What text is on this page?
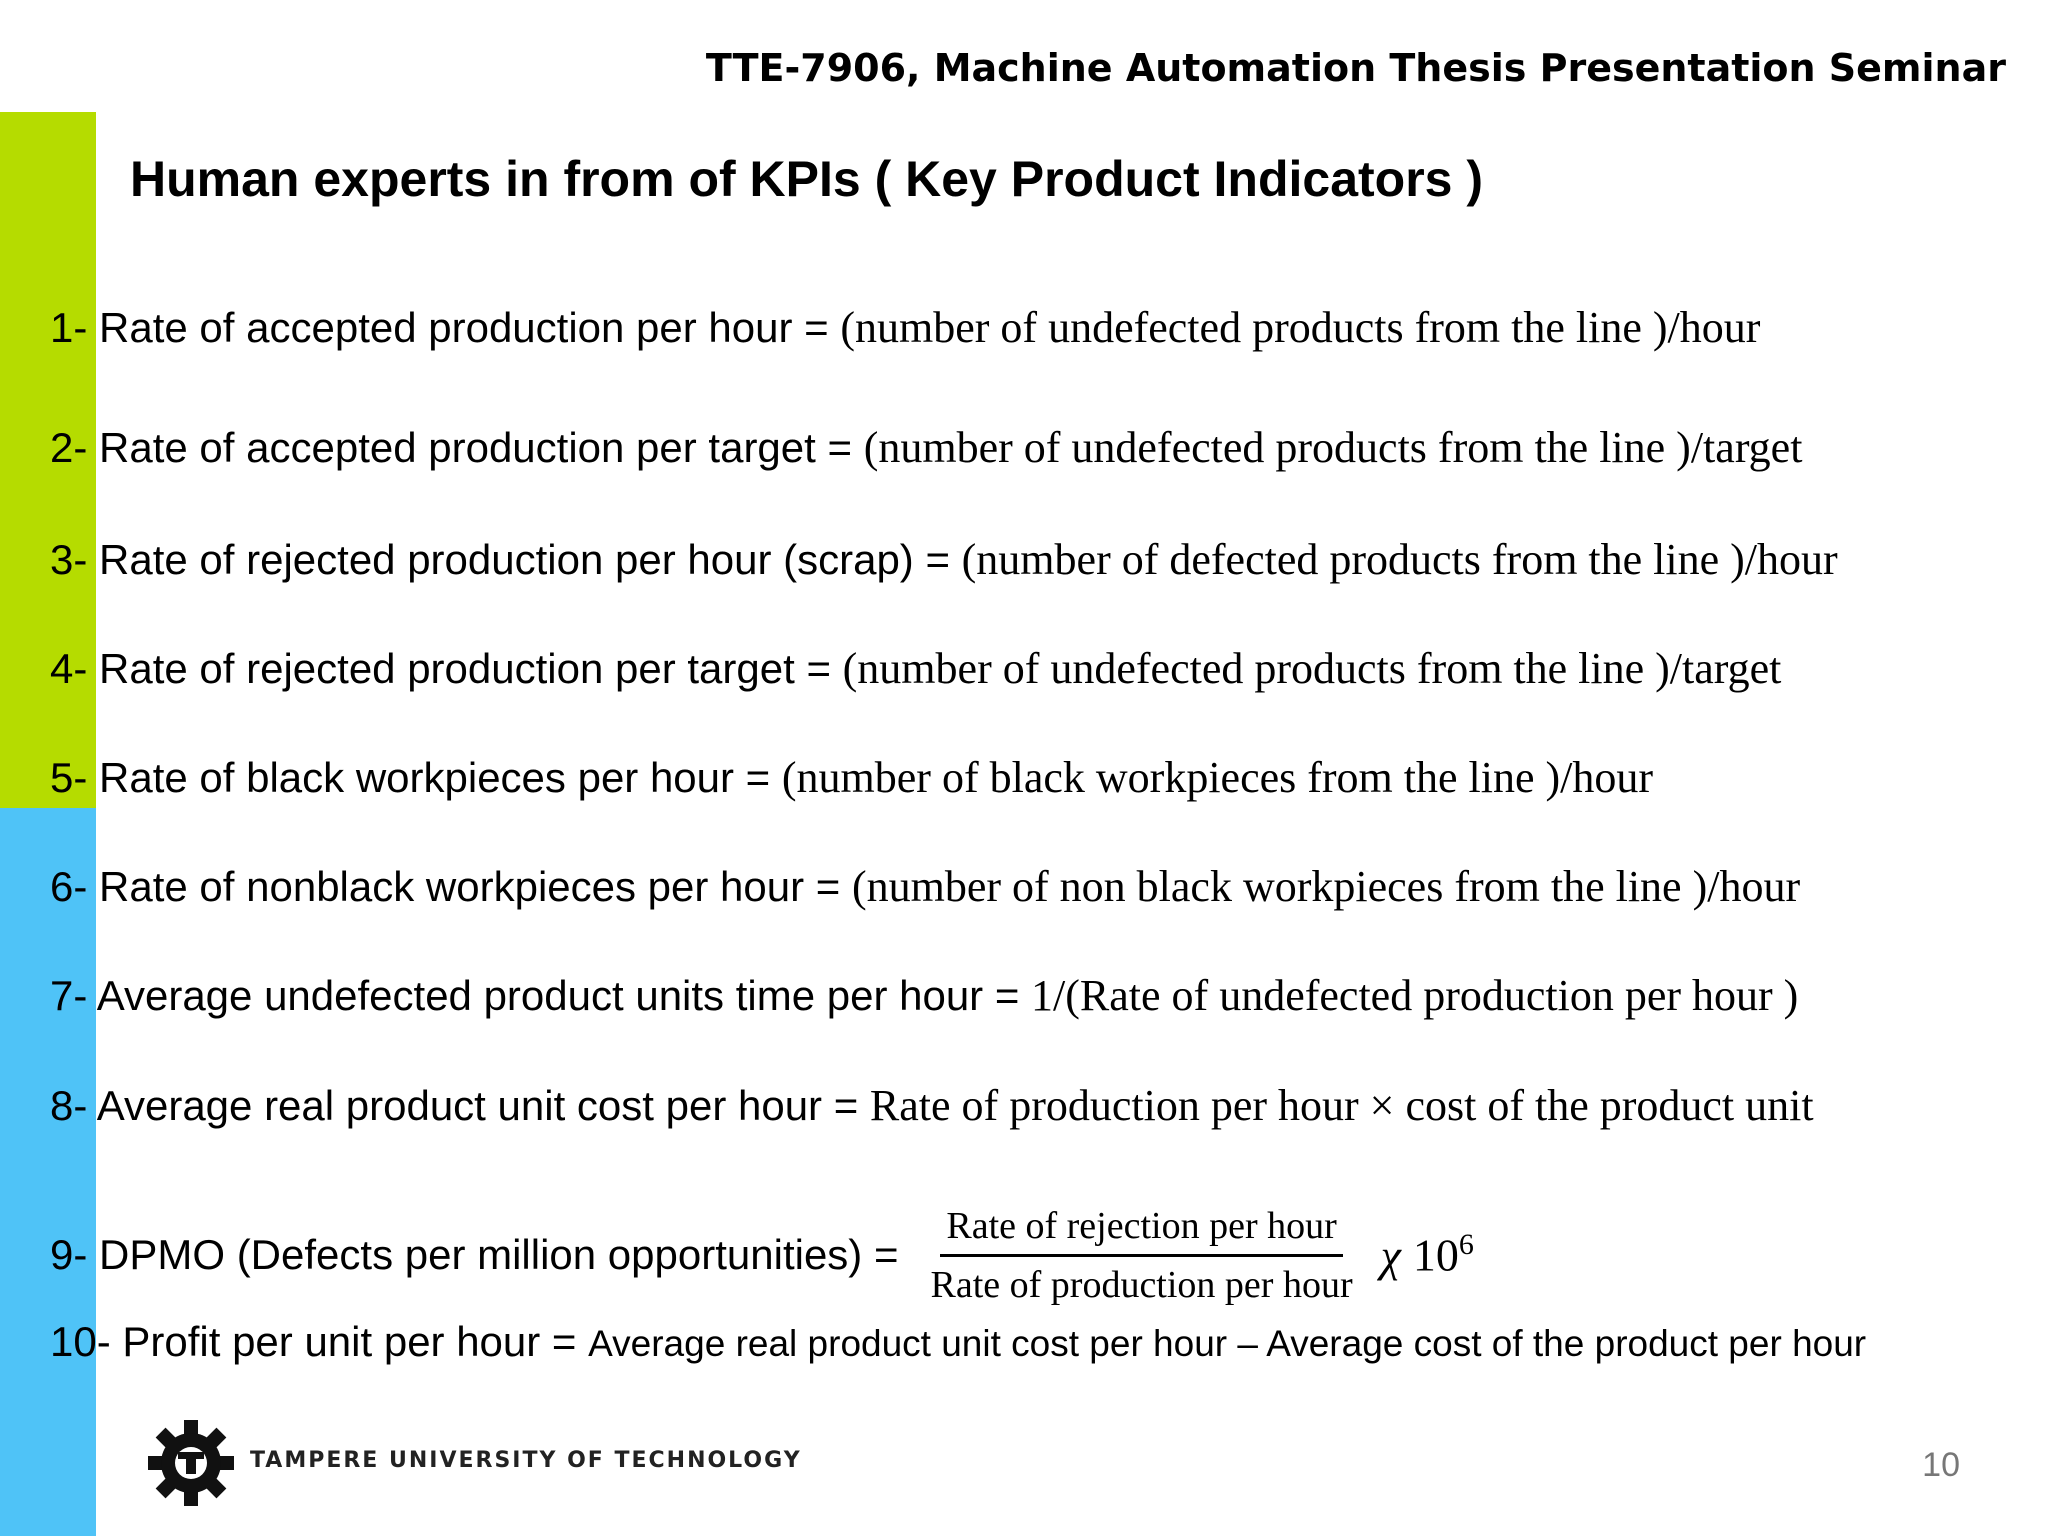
TTE-7906, Machine Automation Thesis Presentation Seminar
Human experts in from of KPIs ( Key Product Indicators )
1- Rate of accepted production per hour = (number of undefected products from the line )/hour
2- Rate of accepted production per target = (number of undefected products from the line )/target
3- Rate of rejected production per hour (scrap) = (number of defected products from the line )/hour
4- Rate of rejected production per target = (number of undefected products from the line )/target
5- Rate of black workpieces per hour = (number of black workpieces from the line )/hour
6- Rate of nonblack workpieces per hour = (number of non black workpieces from the line )/hour
7- Average undefected product units time per hour = 1/(Rate of undefected production per hour )
8- Average real product unit cost per hour = Rate of production per hour × cost of the product unit
9- DPMO (Defects per million opportunities) = $\frac{\text{Rate of rejection per hour}}{\text{Rate of production per hour}}$ χ $10^6$
10- Profit per unit per hour = Average real product unit cost per hour – Average cost of the product per hour
TAMPERE UNIVERSITY OF TECHNOLOGY	10
